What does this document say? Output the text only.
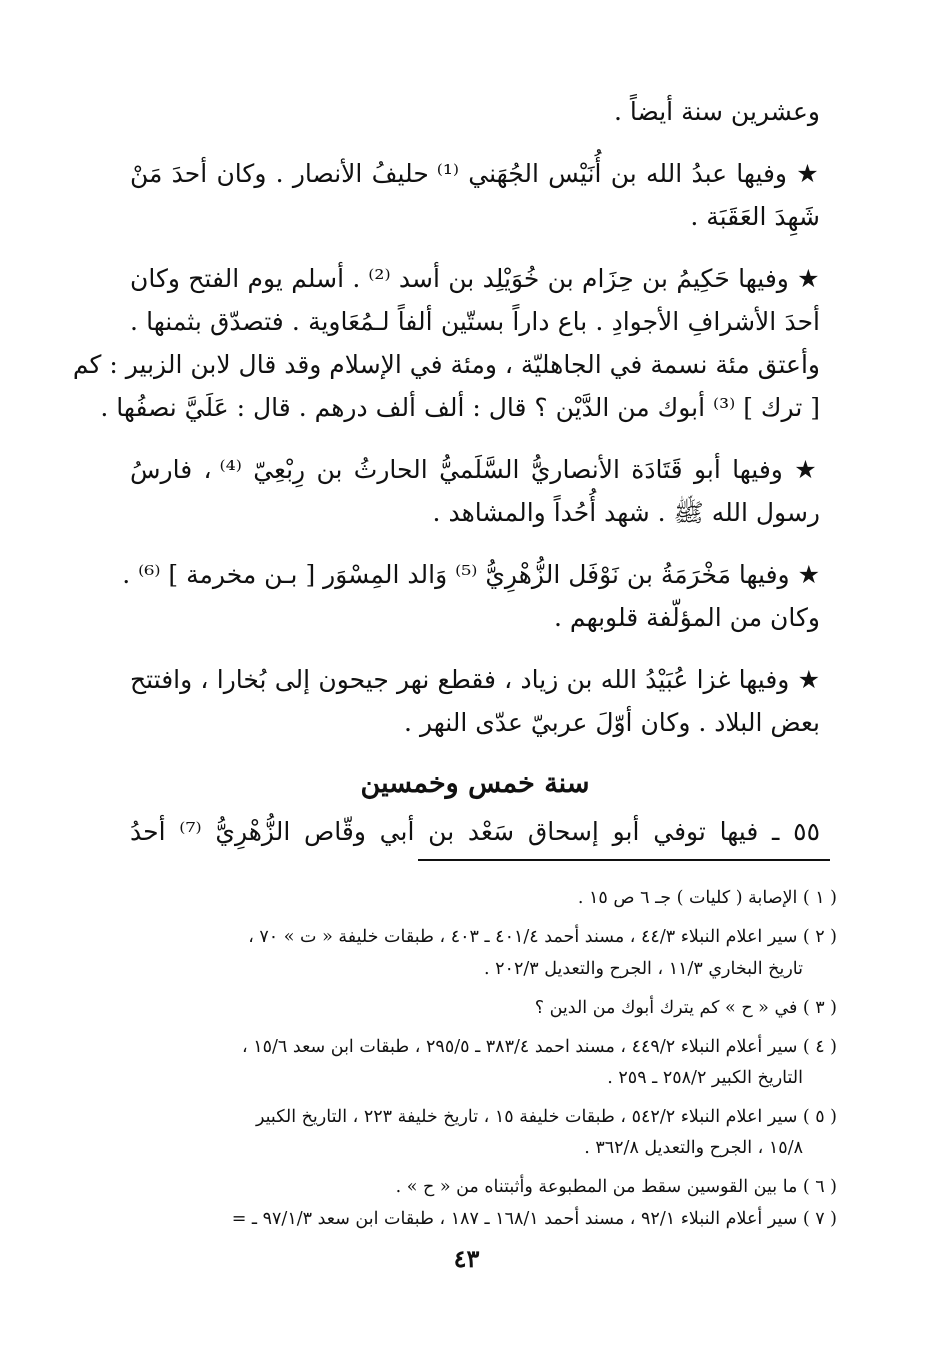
وعشرين سنة أيضاً .
★ وفيها عبدُ الله بن أُنَيْس الجُهَني ⁽¹⁾ حليفُ الأنصار . وكان أحدَ مَنْ
شَهِدَ العَقَبَة .
★ وفيها حَكِيمُ بن حِزَام بن خُوَيْلِد بن أسد ⁽²⁾ . أسلم يوم الفتح وكان
أحدَ الأشرافِ الأجوادِ . باع داراً بستّين ألفاً لـمُعَاوية . فتصدّق بثمنها .
وأعتق مئة نسمة في الجاهليّة ، ومئة في الإسلام وقد قال لابن الزبير : كم
[ ترك ] ⁽³⁾ أبوك من الدَّيْن ؟ قال : ألف ألف درهم . قال : عَلَيَّ نصفُها .
★ وفيها أبو قَتَادَة الأنصاريُّ السَّلَميُّ الحارثُ بن رِبْعِيّ ⁽⁴⁾ ، فارسُ
رسول الله ﷺ . شهد أُحُداً والمشاهد .
★ وفيها مَخْرَمَةُ بن نَوْفَل الزُّهْرِيُّ ⁽⁵⁾ وَالد المِسْوَر [ بـن مخرمة ] ⁽⁶⁾ .
وكان من المؤلّفة قلوبهم .
★ وفيها غزا عُبَيْدُ الله بن زياد ، فقطع نهر جيحون إلى بُخارا ، وافتتح
بعض البلاد . وكان أوّلَ عربيّ عدّى النهر .
سنة خمس وخمسين
٥٥ ـ فيها توفي أبو إسحاق سَعْد بن أبي وقّاص الزُّهْرِيُّ ⁽⁷⁾ أحدُ
( ١ ) الإصابة ( كليات ) جـ ٦ ص ١٥ .
( ٢ ) سير اعلام النبلاء ٤٤/٣ ، مسند أحمد ٤٠١/٤ ـ ٤٠٣ ، طبقات خليفة « ت » ٧٠ ،
تاريخ البخاري ١١/٣ ، الجرح والتعديل ٢٠٢/٣ .
( ٣ ) في « ح » كم يترك أبوك من الدين ؟
( ٤ ) سير أعلام النبلاء ٤٤٩/٢ ، مسند احمد ٣٨٣/٤ ـ ٢٩٥/٥ ، طبقات ابن سعد ١٥/٦ ،
التاريخ الكبير ٢٥٨/٢ ـ ٢٥٩ .
( ٥ ) سير اعلام النبلاء ٥٤٢/٢ ، طبقات خليفة ١٥ ، تاريخ خليفة ٢٢٣ ، التاريخ الكبير
١٥/٨ ، الجرح والتعديل ٣٦٢/٨ .
( ٦ ) ما بين القوسين سقط من المطبوعة وأثبتناه من « ح » .
( ٧ ) سير أعلام النبلاء ٩٢/١ ، مسند أحمد ١٦٨/١ ـ ١٨٧ ، طبقات ابن سعد ٩٧/١/٣ ـ =
٤٣
